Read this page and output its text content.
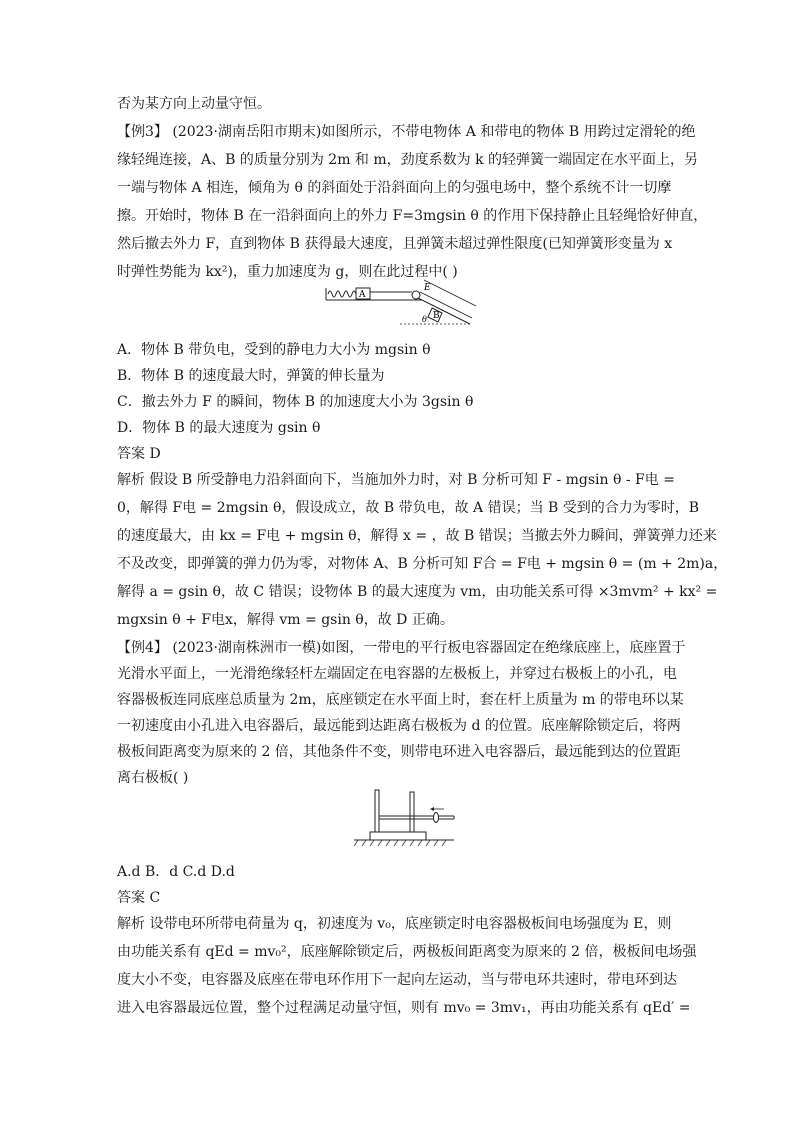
否为某方向上动量守恒。
【例3】 (2023·湖南岳阳市期末)如图所示，不带电物体 A 和带电的物体 B 用跨过定滑轮的绝
缘轻绳连接，A、B 的质量分别为 2m 和 m，劲度系数为 k 的轻弹簧一端固定在水平面上，另
一端与物体 A 相连，倾角为 θ 的斜面处于沿斜面向上的匀强电场中，整个系统不计一切摩
擦。开始时，物体 B 在一沿斜面向上的外力 F=3mgsin θ 的作用下保持静止且轻绳恰好伸直，
然后撤去外力 F，直到物体 B 获得最大速度，且弹簧未超过弹性限度(已知弹簧形变量为 x
时弹性势能为 kx²)，重力加速度为 g，则在此过程中( )
A
B
E
θ
A．物体 B 带负电，受到的静电力大小为 mgsin θ
B．物体 B 的速度最大时，弹簧的伸长量为
C．撤去外力 F 的瞬间，物体 B 的加速度大小为 3gsin θ
D．物体 B 的最大速度为 gsin θ
答案 D
解析 假设 B 所受静电力沿斜面向下，当施加外力时，对 B 分析可知 F - mgsin θ - F电 =
0，解得 F电 = 2mgsin θ，假设成立，故 B 带负电，故 A 错误；当 B 受到的合力为零时，B
的速度最大，由 kx = F电 + mgsin θ，解得 x = ，故 B 错误；当撤去外力瞬间，弹簧弹力还来
不及改变，即弹簧的弹力仍为零，对物体 A、B 分析可知 F合 = F电 + mgsin θ = (m + 2m)a，
解得 a = gsin θ，故 C 错误；设物体 B 的最大速度为 vm，由功能关系可得 ×3mvm² + kx² =
mgxsin θ + F电x，解得 vm = gsin θ，故 D 正确。
【例4】 (2023·湖南株洲市一模)如图，一带电的平行板电容器固定在绝缘底座上，底座置于
光滑水平面上，一光滑绝缘轻杆左端固定在电容器的左极板上，并穿过右极板上的小孔，电
容器极板连同底座总质量为 2m，底座锁定在水平面上时，套在杆上质量为 m 的带电环以某
一初速度由小孔进入电容器后，最远能到达距离右极板为 d 的位置。底座解除锁定后，将两
极板间距离变为原来的 2 倍，其他条件不变，则带电环进入电容器后，最远能到达的位置距
离右极板( )
A.d B．d C.d D.d
答案 C
解析 设带电环所带电荷量为 q，初速度为 v₀，底座锁定时电容器极板间电场强度为 E，则
由功能关系有 qEd = mv₀²，底座解除锁定后，两极板间距离变为原来的 2 倍，极板间电场强
度大小不变，电容器及底座在带电环作用下一起向左运动，当与带电环共速时，带电环到达
进入电容器最远位置，整个过程满足动量守恒，则有 mv₀ = 3mv₁，再由功能关系有 qEd′ =
